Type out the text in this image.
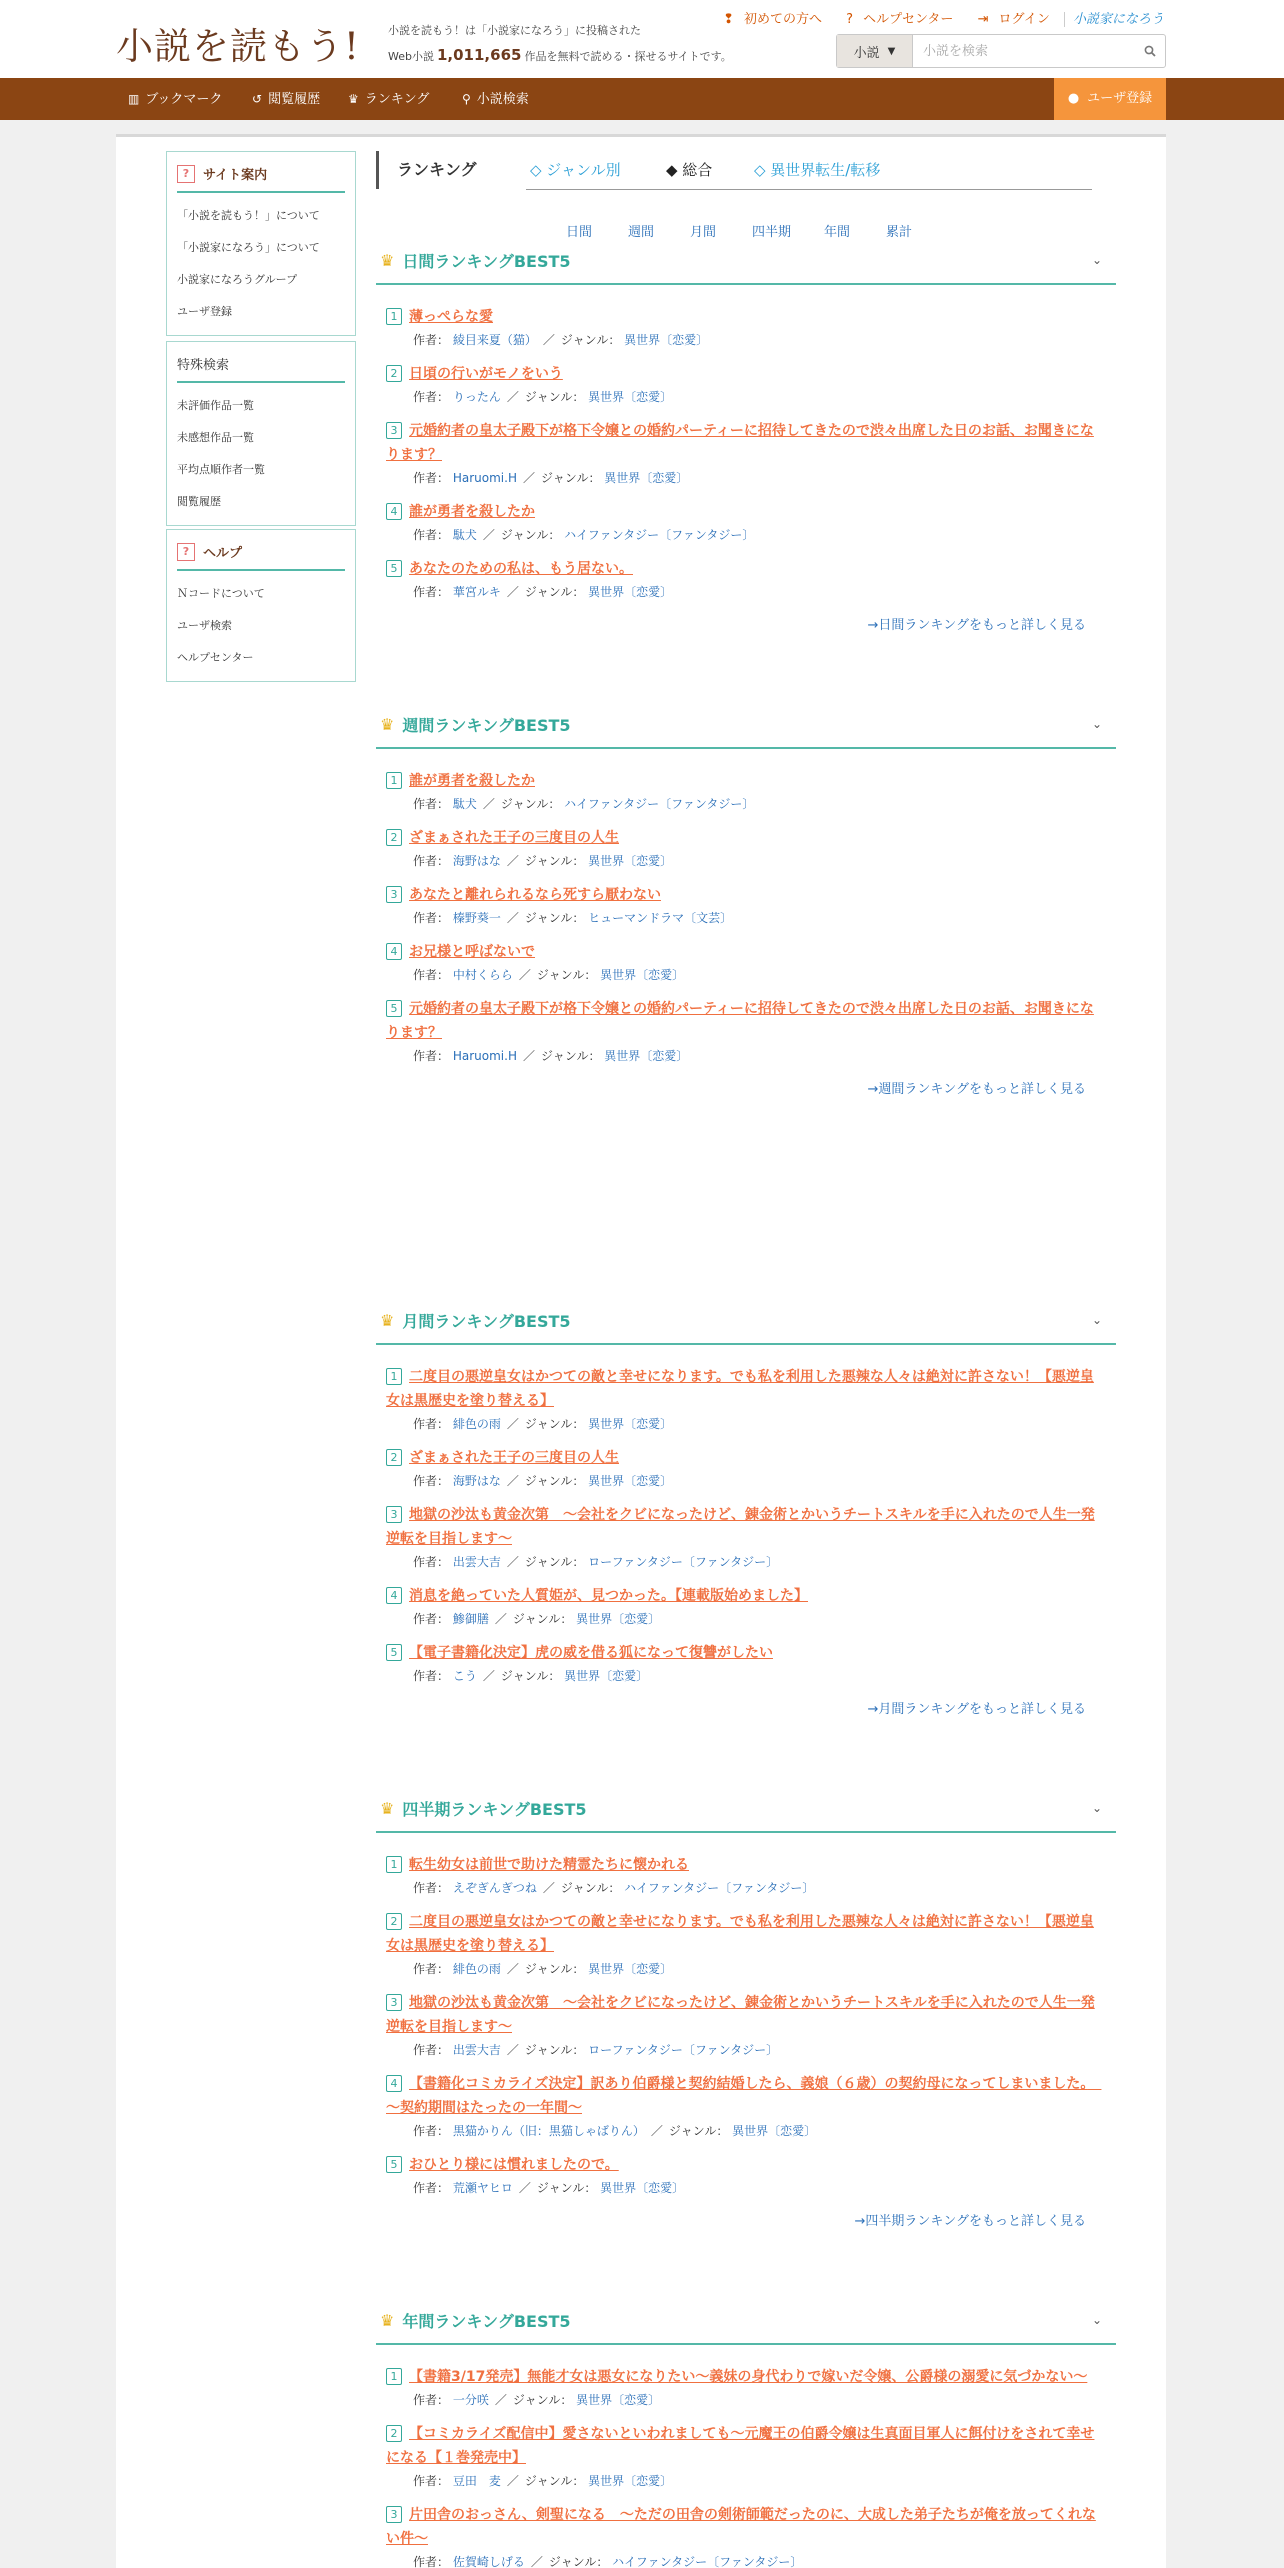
小説を読もう!	小説を読もう！は「小説家になろう」に投稿された
Web小説 1,011,665 作品を無料で読める・探せるサイトです。
❢ 初めての方へ ? ヘルプセンター ⇥ ログイン 小説家になろう
小説 ▼
小説を検索
▥ ブックマーク ↺ 閲覧履歴 ♛ ランキング	⚲ 小説検索	● ユーザ登録
?	サイト案内
「小説を読もう！」について
「小説家になろう」について
小説家になろうグループ
ユーザ登録
特殊検索
未評価作品一覧
未感想作品一覧
平均点順作者一覧
閲覧履歴
?	ヘルプ
Ｎコードについて
ユーザ検索
ヘルプセンター
ランキング	◇ ジャンル別	◆ 総合	◇ 異世界転生/転移
日間	週間	月間	四半期	年間	累計
♛ 日間ランキングBEST5	⌄
1 薄っぺらな愛
作者： 綾目来夏（猫） ／ ジャンル： 異世界〔恋愛〕
2 日頃の行いがモノをいう
作者： りったん ／ ジャンル： 異世界〔恋愛〕
3 元婚約者の皇太子殿下が格下令嬢との婚約パーティーに招待してきたので渋々出席した日のお話、お聞きになります？
作者： Haruomi.H ／ ジャンル： 異世界〔恋愛〕
4 誰が勇者を殺したか
作者： 駄犬 ／ ジャンル： ハイファンタジー〔ファンタジー〕
5 あなたのための私は、もう居ない。
作者： 華宮ルキ ／ ジャンル： 異世界〔恋愛〕
→日間ランキングをもっと詳しく見る
♛ 週間ランキングBEST5	⌄
1 誰が勇者を殺したか
作者： 駄犬 ／ ジャンル： ハイファンタジー〔ファンタジー〕
2 ざまぁされた王子の三度目の人生
作者： 海野はな ／ ジャンル： 異世界〔恋愛〕
3 あなたと離れられるなら死すら厭わない
作者： 榛野葵一 ／ ジャンル： ヒューマンドラマ〔文芸〕
4 お兄様と呼ばないで
作者： 中村くらら ／ ジャンル： 異世界〔恋愛〕
5 元婚約者の皇太子殿下が格下令嬢との婚約パーティーに招待してきたので渋々出席した日のお話、お聞きになります？
作者： Haruomi.H ／ ジャンル： 異世界〔恋愛〕
→週間ランキングをもっと詳しく見る
♛ 月間ランキングBEST5	⌄
1 二度目の悪逆皇女はかつての敵と幸せになります。でも私を利用した悪辣な人々は絶対に許さない！【悪逆皇女は黒歴史を塗り替える】
作者： 緋色の雨 ／ ジャンル： 異世界〔恋愛〕
2 ざまぁされた王子の三度目の人生
作者： 海野はな ／ ジャンル： 異世界〔恋愛〕
3 地獄の沙汰も黄金次第　～会社をクビになったけど、錬金術とかいうチートスキルを手に入れたので人生一発逆転を目指します～
作者： 出雲大吉 ／ ジャンル： ローファンタジー〔ファンタジー〕
4 消息を絶っていた人質姫が、見つかった。【連載版始めました】
作者： 鯵御膳 ／ ジャンル： 異世界〔恋愛〕
5 【電子書籍化決定】虎の威を借る狐になって復讐がしたい
作者： こう ／ ジャンル： 異世界〔恋愛〕
→月間ランキングをもっと詳しく見る
♛ 四半期ランキングBEST5	⌄
1 転生幼女は前世で助けた精霊たちに懐かれる
作者： えぞぎんぎつね ／ ジャンル： ハイファンタジー〔ファンタジー〕
2 二度目の悪逆皇女はかつての敵と幸せになります。でも私を利用した悪辣な人々は絶対に許さない！【悪逆皇女は黒歴史を塗り替える】
作者： 緋色の雨 ／ ジャンル： 異世界〔恋愛〕
3 地獄の沙汰も黄金次第　～会社をクビになったけど、錬金術とかいうチートスキルを手に入れたので人生一発逆転を目指します～
作者： 出雲大吉 ／ ジャンル： ローファンタジー〔ファンタジー〕
4 【書籍化コミカライズ決定】訳あり伯爵様と契約結婚したら、義娘（６歳）の契約母になってしまいました。　～契約期間はたったの一年間～
作者： 黒猫かりん（旧：黒猫しゃばりん） ／ ジャンル： 異世界〔恋愛〕
5 おひとり様には慣れましたので。
作者： 荒瀬ヤヒロ ／ ジャンル： 異世界〔恋愛〕
→四半期ランキングをもっと詳しく見る
♛ 年間ランキングBEST5	⌄
1 【書籍3/17発売】無能才女は悪女になりたい～義妹の身代わりで嫁いだ令嬢、公爵様の溺愛に気づかない～
作者： 一分咲 ／ ジャンル： 異世界〔恋愛〕
2 【コミカライズ配信中】愛さないといわれましても～元魔王の伯爵令嬢は生真面目軍人に餌付けをされて幸せになる【１巻発売中】
作者： 豆田　麦 ／ ジャンル： 異世界〔恋愛〕
3 片田舎のおっさん、剣聖になる　～ただの田舎の剣術師範だったのに、大成した弟子たちが俺を放ってくれない件～
作者： 佐賀崎しげる ／ ジャンル： ハイファンタジー〔ファンタジー〕
